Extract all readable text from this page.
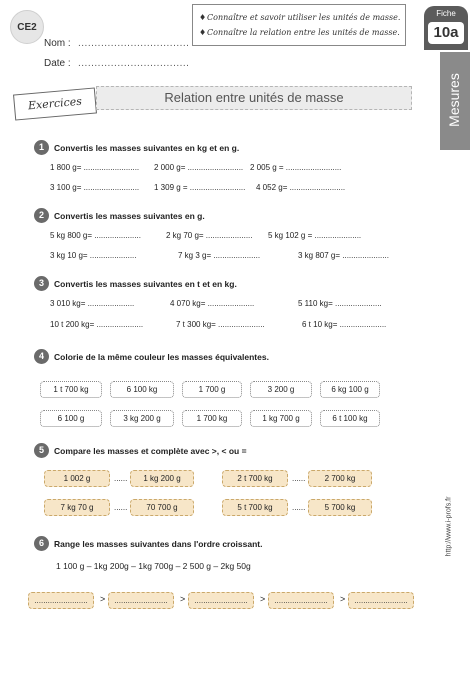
CE2
Nom : ..................................
Date : ..................................
♦Connaître et savoir utiliser les unités de masse.
♦Connaître la relation entre les unités de masse.
Fiche
10a
Mesures
Exercices	Relation entre unités de masse
1	Convertis les masses suivantes en kg et en g.
1 800 g= ......................... 2 000 g= ......................... 2 005 g = .........................
3 100 g= ......................... 1 309 g = ......................... 4 052 g= .........................
2	Convertis les masses suivantes en g.
5 kg 800 g= .....................	2 kg 70 g= ..................... 5 kg 102 g = .....................
3 kg 10 g= .....................	7 kg 3 g= .....................	3 kg 807 g= .....................
3	Convertis les masses suivantes en t et en kg.
3 010 kg= .....................	4 070 kg= .....................	5 110 kg= .....................
10 t 200 kg= .....................	7 t 300 kg= .....................	6 t 10 kg= .....................
4	Colorie de la même couleur les masses équivalentes.
1 t 700 kg	6 100 kg	1 700 g	3 200 g	6 kg 100 g
6 100 g	3 kg 200 g	1 700 kg	1 kg 700 g	6 t 100 kg
5	Compare les masses et complète avec >, < ou =
1 002 g	......	1 kg 200 g	2 t 700 kg	......	2 700 kg
7 kg 70 g	......	70 700 g	5 t 700 kg	......	5 700 kg
6	Range les masses suivantes dans l'ordre croissant.
1 100 g – 1kg 200g – 1kg 700g – 2 500 g – 2kg 50g
........................	>	........................	>	........................	>	........................	>	........................
http://www.i-profs.fr
